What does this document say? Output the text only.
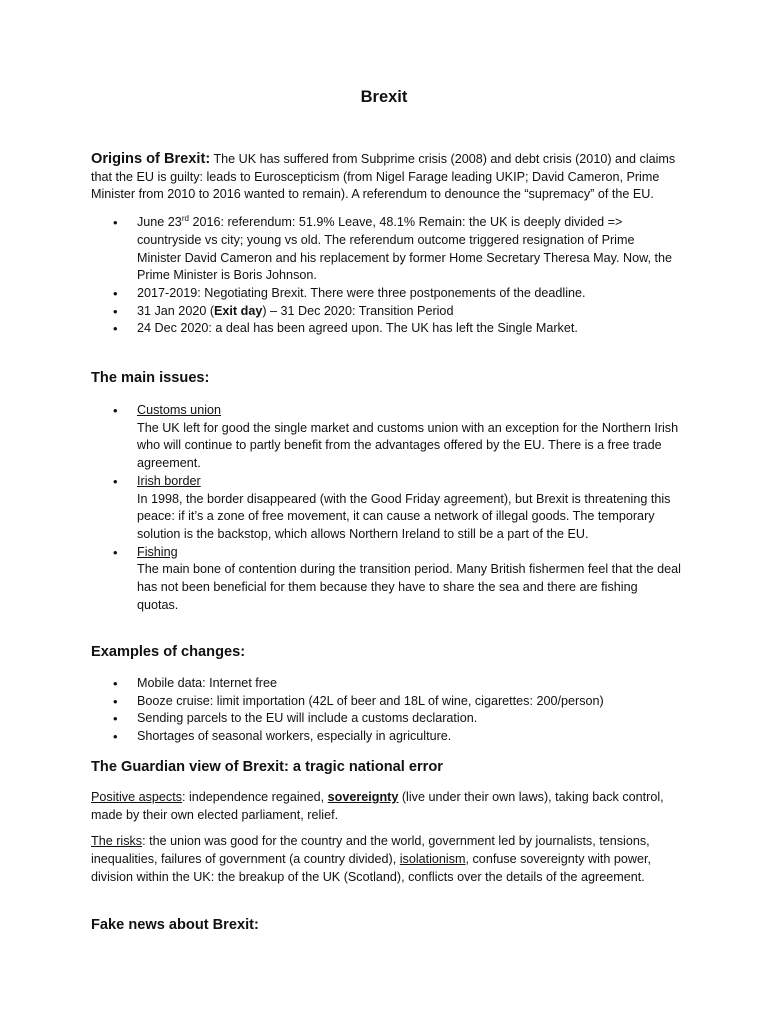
Brexit

Origins of Brexit: The UK has suffered from Subprime crisis (2008) and debt crisis (2010) and claims that the EU is guilty: leads to Euroscepticism (from Nigel Farage leading UKIP; David Cameron, Prime Minister from 2010 to 2016 wanted to remain). A referendum to denounce the “supremacy” of the EU.

• June 23rd 2016: referendum: 51.9% Leave, 48.1% Remain: the UK is deeply divided => countryside vs city; young vs old. The referendum outcome triggered resignation of Prime Minister David Cameron and his replacement by former Home Secretary Theresa May. Now, the Prime Minister is Boris Johnson.
• 2017-2019: Negotiating Brexit. There were three postponements of the deadline.
• 31 Jan 2020 (Exit day) – 31 Dec 2020: Transition Period
• 24 Dec 2020: a deal has been agreed upon. The UK has left the Single Market.
The main issues:
• Customs union
The UK left for good the single market and customs union with an exception for the Northern Irish who will continue to partly benefit from the advantages offered by the EU. There is a free trade agreement.
• Irish border
In 1998, the border disappeared (with the Good Friday agreement), but Brexit is threatening this peace: if it’s a zone of free movement, it can cause a network of illegal goods. The temporary solution is the backstop, which allows Northern Ireland to still be a part of the EU.
• Fishing
The main bone of contention during the transition period. Many British fishermen feel that the deal has not been beneficial for them because they have to share the sea and there are fishing quotas.
Examples of changes:
• Mobile data: Internet free
• Booze cruise: limit importation (42L of beer and 18L of wine, cigarettes: 200/person)
• Sending parcels to the EU will include a customs declaration.
• Shortages of seasonal workers, especially in agriculture.
The Guardian view of Brexit: a tragic national error

Positive aspects: independence regained, sovereignty (live under their own laws), taking back control, made by their own elected parliament, relief.

The risks: the union was good for the country and the world, government led by journalists, tensions, inequalities, failures of government (a country divided), isolationism, confuse sovereignty with power, division within the UK: the breakup of the UK (Scotland), conflicts over the details of the agreement.

Fake news about Brexit:
